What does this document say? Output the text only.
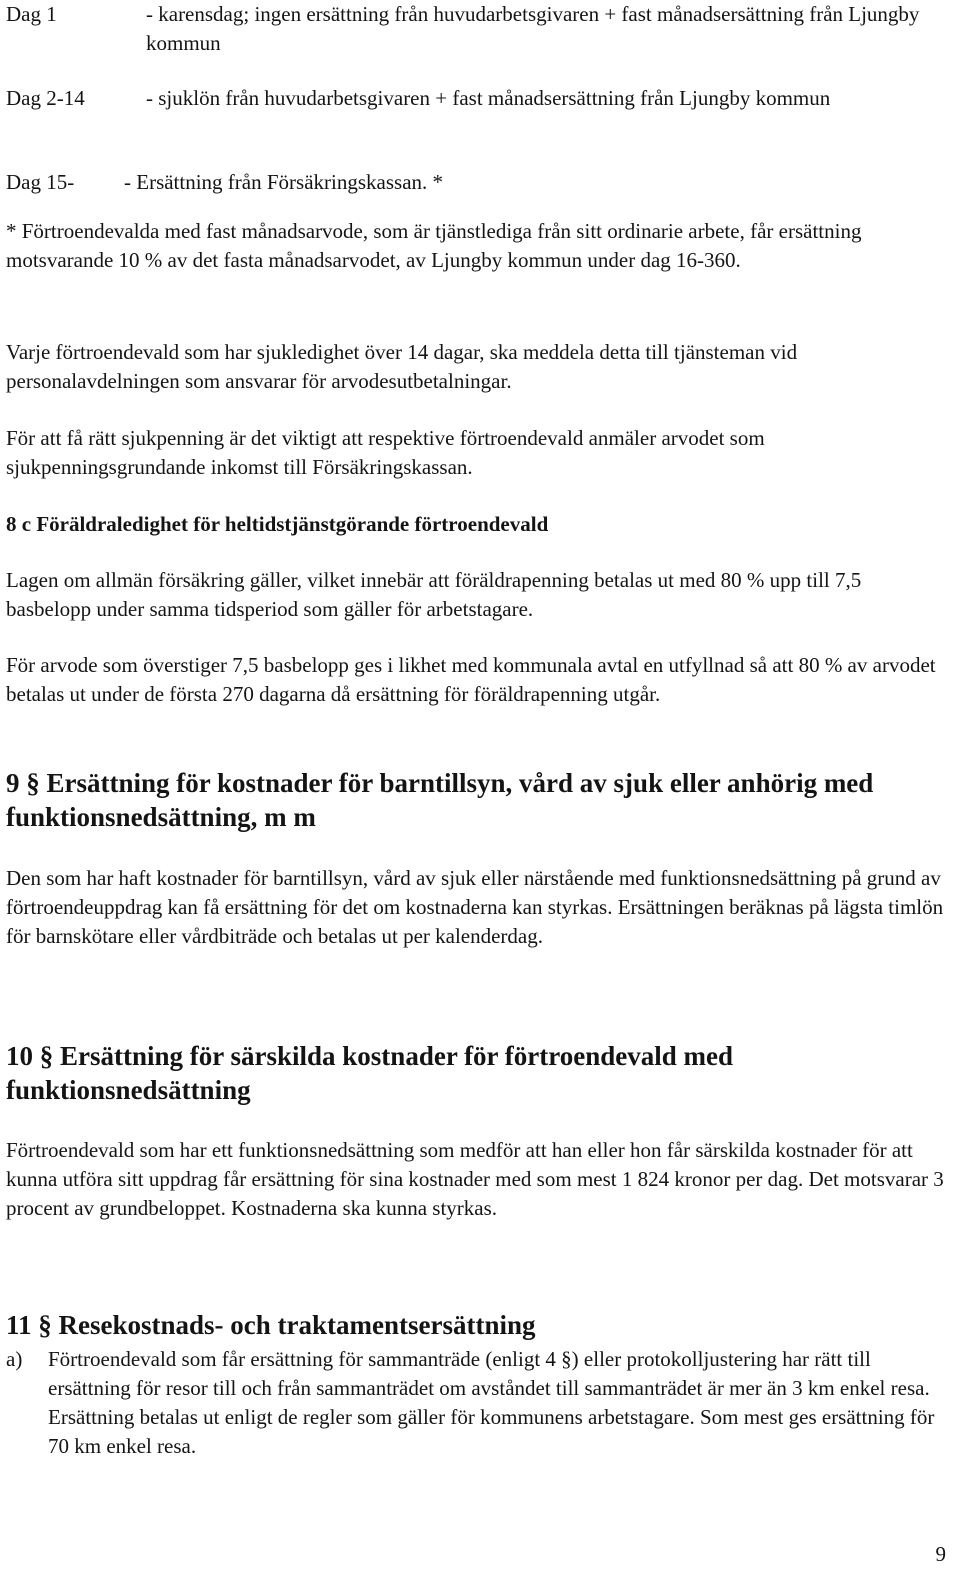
Dag 1	- karensdag; ingen ersättning från huvudarbetsgivaren + fast månadsersättning från Ljungby kommun
Dag 2-14	- sjuklön från huvudarbetsgivaren + fast månadsersättning från Ljungby kommun
Dag 15- - Ersättning från Försäkringskassan. *

* Förtroendevalda med fast månadsarvode, som är tjänstlediga från sitt ordinarie arbete, får ersättning motsvarande 10 % av det fasta månadsarvodet, av Ljungby kommun under dag 16-360.

Varje förtroendevald som har sjukledighet över 14 dagar, ska meddela detta till tjänsteman vid personalavdelningen som ansvarar för arvodesutbetalningar.

För att få rätt sjukpenning är det viktigt att respektive förtroendevald anmäler arvodet som sjukpenningsgrundande inkomst till Försäkringskassan.

8 c Föräldraledighet för heltidstjänstgörande förtroendevald

Lagen om allmän försäkring gäller, vilket innebär att föräldrapenning betalas ut med 80 % upp till 7,5 basbelopp under samma tidsperiod som gäller för arbetstagare.

För arvode som överstiger 7,5 basbelopp ges i likhet med kommunala avtal en utfyllnad så att 80 % av arvodet betalas ut under de första 270 dagarna då ersättning för föräldrapenning utgår.

9 § Ersättning för kostnader för barntillsyn, vård av sjuk eller anhörig med funktionsnedsättning, m m

Den som har haft kostnader för barntillsyn, vård av sjuk eller närstående med funktionsnedsättning på grund av förtroendeuppdrag kan få ersättning för det om kostnaderna kan styrkas. Ersättningen beräknas på lägsta timlön för barnskötare eller vårdbiträde och betalas ut per kalenderdag.

10 § Ersättning för särskilda kostnader för förtroendevald med funktionsnedsättning

Förtroendevald som har ett funktionsnedsättning som medför att han eller hon får särskilda kostnader för att kunna utföra sitt uppdrag får ersättning för sina kostnader med som mest 1 824 kronor per dag. Det motsvarar 3 procent av grundbeloppet. Kostnaderna ska kunna styrkas.

11 § Resekostnads- och traktamentsersättning
a) Förtroendevald som får ersättning för sammanträde (enligt 4 §) eller protokolljustering har rätt till ersättning för resor till och från sammanträdet om avståndet till sammanträdet är mer än 3 km enkel resa. Ersättning betalas ut enligt de regler som gäller för kommunens arbetstagare. Som mest ges ersättning för 70 km enkel resa.
9
